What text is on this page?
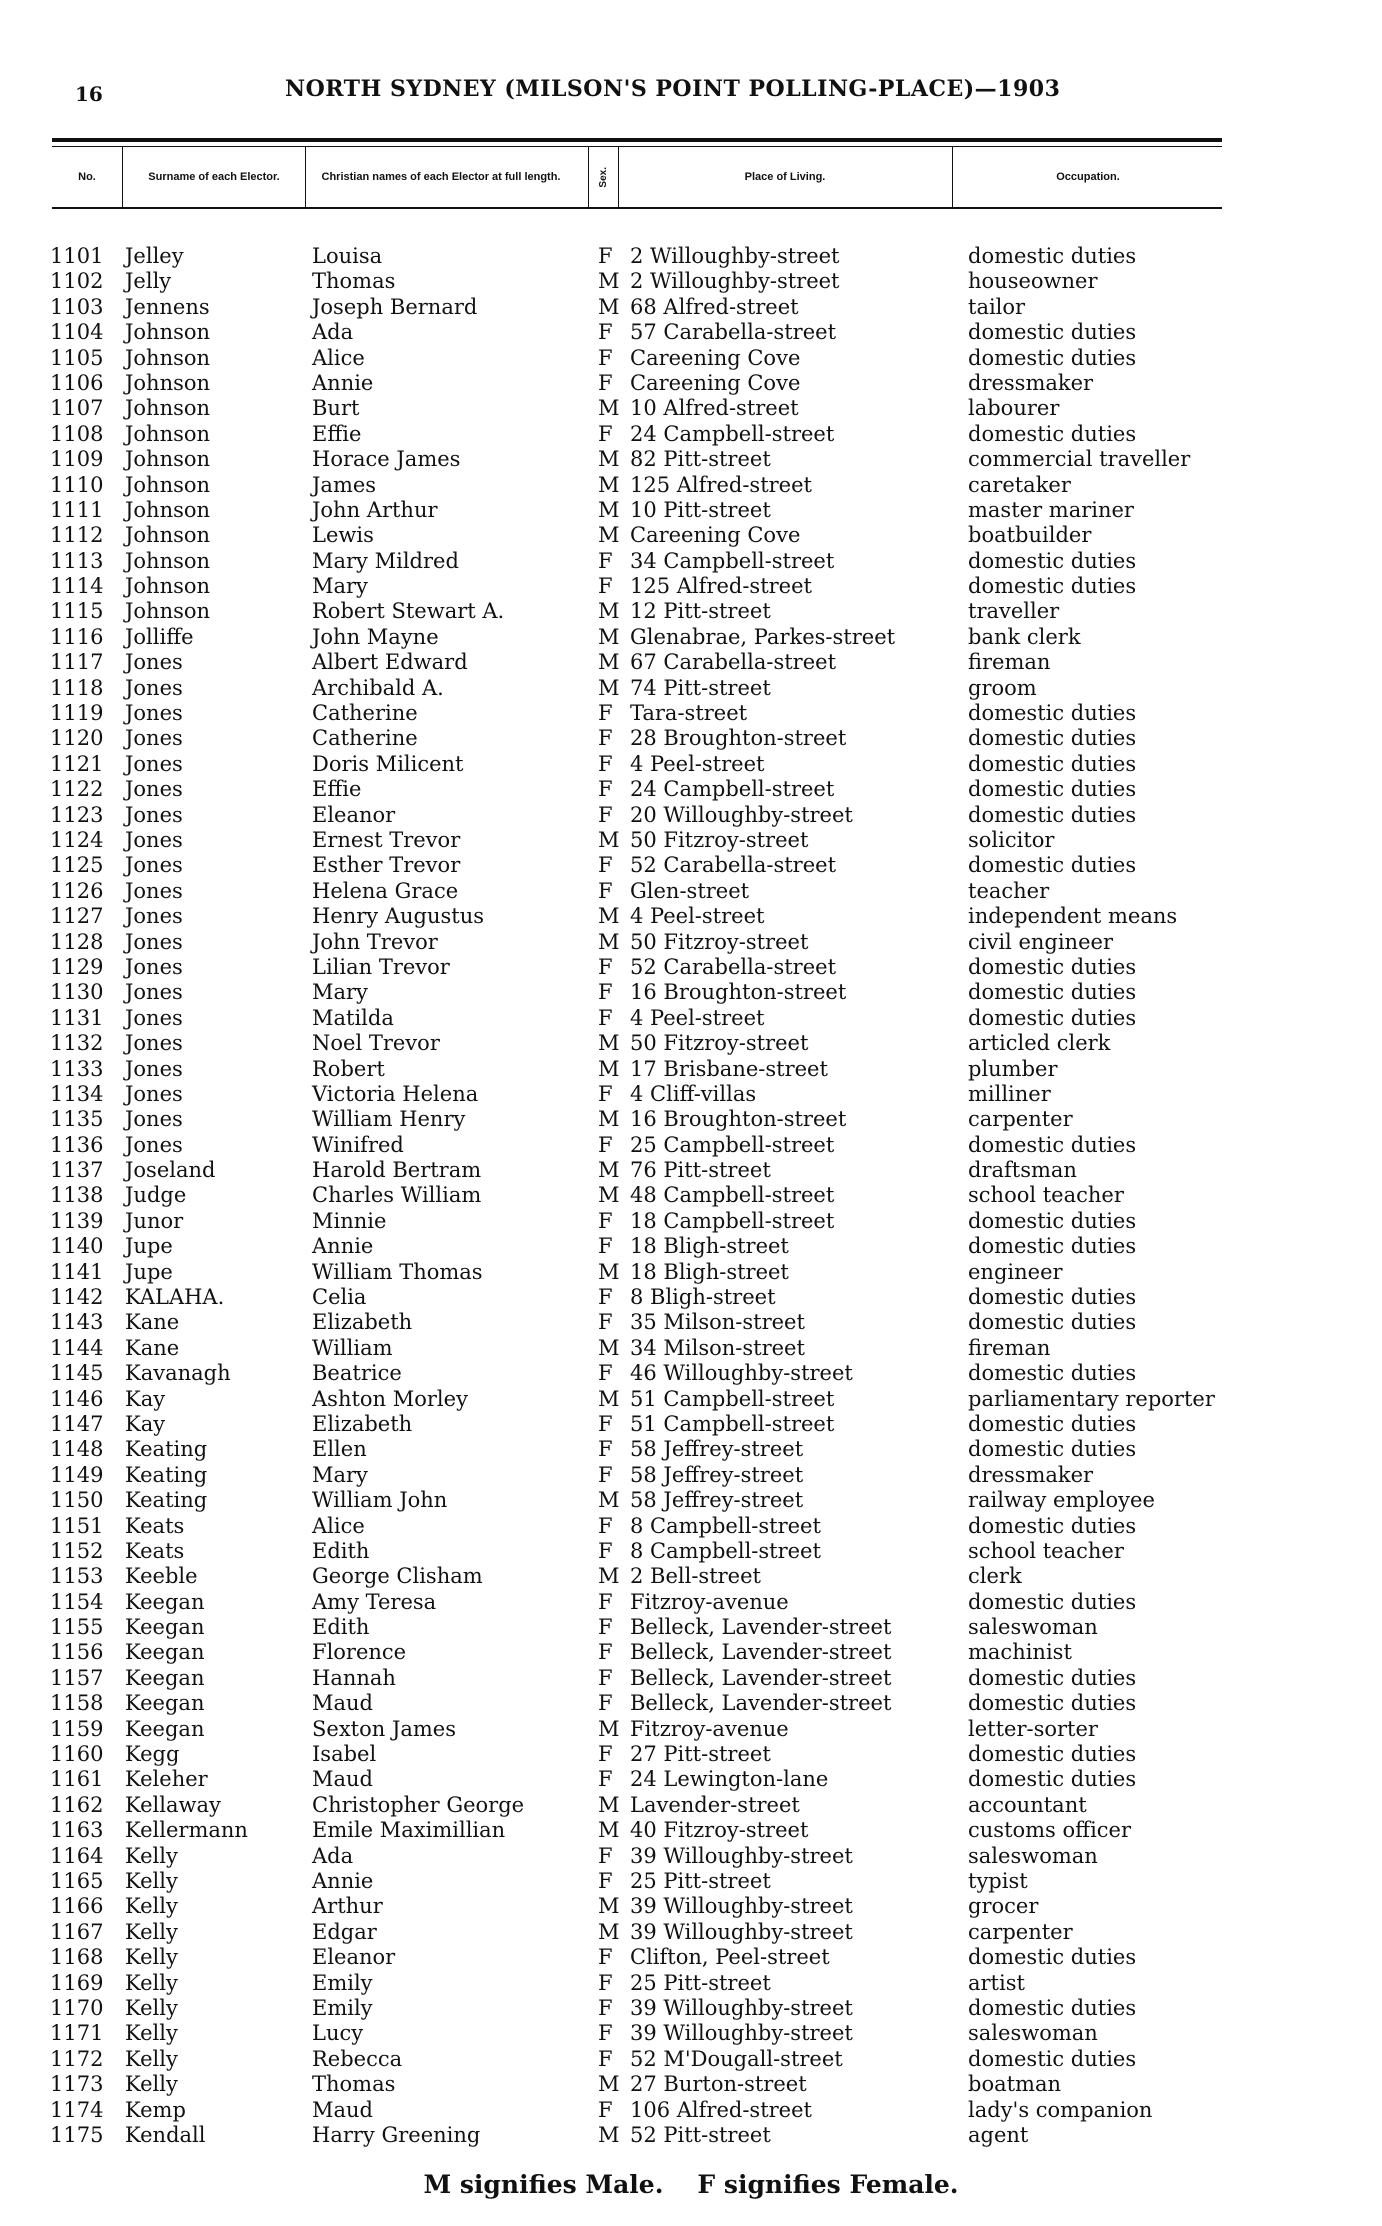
16	NORTH SYDNEY (MILSON'S POINT POLLING-PLACE)—1903
No.	Surname of each Elector.	Christian names of each Elector at full length.	Sex.	Place of Living.	Occupation.
1101 Jelley	Louisa	F 2 Willoughby-street	domestic duties
1102 Jelly	Thomas	M 2 Willoughby-street	houseowner
1103 Jennens	Joseph Bernard	M 68 Alfred-street	tailor
1104 Johnson	Ada	F 57 Carabella-street	domestic duties
1105 Johnson	Alice	F Careening Cove	domestic duties
1106 Johnson	Annie	F Careening Cove	dressmaker
1107 Johnson	Burt	M 10 Alfred-street	labourer
1108 Johnson	Effie	F 24 Campbell-street	domestic duties
1109 Johnson	Horace James	M 82 Pitt-street	commercial traveller
1110 Johnson	James	M 125 Alfred-street	caretaker
1111 Johnson	John Arthur	M 10 Pitt-street	master mariner
1112 Johnson	Lewis	M Careening Cove	boatbuilder
1113 Johnson	Mary Mildred	F 34 Campbell-street	domestic duties
1114 Johnson	Mary	F 125 Alfred-street	domestic duties
1115 Johnson	Robert Stewart A.	M 12 Pitt-street	traveller
1116 Jolliffe	John Mayne	M Glenabrae, Parkes-street	bank clerk
1117 Jones	Albert Edward	M 67 Carabella-street	fireman
1118 Jones	Archibald A.	M 74 Pitt-street	groom
1119 Jones	Catherine	F Tara-street	domestic duties
1120 Jones	Catherine	F 28 Broughton-street	domestic duties
1121 Jones	Doris Milicent	F 4 Peel-street	domestic duties
1122 Jones	Effie	F 24 Campbell-street	domestic duties
1123 Jones	Eleanor	F 20 Willoughby-street	domestic duties
1124 Jones	Ernest Trevor	M 50 Fitzroy-street	solicitor
1125 Jones	Esther Trevor	F 52 Carabella-street	domestic duties
1126 Jones	Helena Grace	F Glen-street	teacher
1127 Jones	Henry Augustus	M 4 Peel-street	independent means
1128 Jones	John Trevor	M 50 Fitzroy-street	civil engineer
1129 Jones	Lilian Trevor	F 52 Carabella-street	domestic duties
1130 Jones	Mary	F 16 Broughton-street	domestic duties
1131 Jones	Matilda	F 4 Peel-street	domestic duties
1132 Jones	Noel Trevor	M 50 Fitzroy-street	articled clerk
1133 Jones	Robert	M 17 Brisbane-street	plumber
1134 Jones	Victoria Helena	F 4 Cliff-villas	milliner
1135 Jones	William Henry	M 16 Broughton-street	carpenter
1136 Jones	Winifred	F 25 Campbell-street	domestic duties
1137 Joseland	Harold Bertram	M 76 Pitt-street	draftsman
1138 Judge	Charles William	M 48 Campbell-street	school teacher
1139 Junor	Minnie	F 18 Campbell-street	domestic duties
1140 Jupe	Annie	F 18 Bligh-street	domestic duties
1141 Jupe	William Thomas	M 18 Bligh-street	engineer
1142 KALAHA.	Celia	F 8 Bligh-street	domestic duties
1143 Kane	Elizabeth	F 35 Milson-street	domestic duties
1144 Kane	William	M 34 Milson-street	fireman
1145 Kavanagh	Beatrice	F 46 Willoughby-street	domestic duties
1146 Kay	Ashton Morley	M 51 Campbell-street	parliamentary reporter
1147 Kay	Elizabeth	F 51 Campbell-street	domestic duties
1148 Keating	Ellen	F 58 Jeffrey-street	domestic duties
1149 Keating	Mary	F 58 Jeffrey-street	dressmaker
1150 Keating	William John	M 58 Jeffrey-street	railway employee
1151 Keats	Alice	F 8 Campbell-street	domestic duties
1152 Keats	Edith	F 8 Campbell-street	school teacher
1153 Keeble	George Clisham	M 2 Bell-street	clerk
1154 Keegan	Amy Teresa	F Fitzroy-avenue	domestic duties
1155 Keegan	Edith	F Belleck, Lavender-street	saleswoman
1156 Keegan	Florence	F Belleck, Lavender-street	machinist
1157 Keegan	Hannah	F Belleck, Lavender-street	domestic duties
1158 Keegan	Maud	F Belleck, Lavender-street	domestic duties
1159 Keegan	Sexton James	M Fitzroy-avenue	letter-sorter
1160 Kegg	Isabel	F 27 Pitt-street	domestic duties
1161 Keleher	Maud	F 24 Lewington-lane	domestic duties
1162 Kellaway	Christopher George	M Lavender-street	accountant
1163 Kellermann	Emile Maximillian	M 40 Fitzroy-street	customs officer
1164 Kelly	Ada	F 39 Willoughby-street	saleswoman
1165 Kelly	Annie	F 25 Pitt-street	typist
1166 Kelly	Arthur	M 39 Willoughby-street	grocer
1167 Kelly	Edgar	M 39 Willoughby-street	carpenter
1168 Kelly	Eleanor	F Clifton, Peel-street	domestic duties
1169 Kelly	Emily	F 25 Pitt-street	artist
1170 Kelly	Emily	F 39 Willoughby-street	domestic duties
1171 Kelly	Lucy	F 39 Willoughby-street	saleswoman
1172 Kelly	Rebecca	F 52 M'Dougall-street	domestic duties
1173 Kelly	Thomas	M 27 Burton-street	boatman
1174 Kemp	Maud	F 106 Alfred-street	lady's companion
1175 Kendall	Harry Greening	M 52 Pitt-street	agent
M signifies Male. F signifies Female.
